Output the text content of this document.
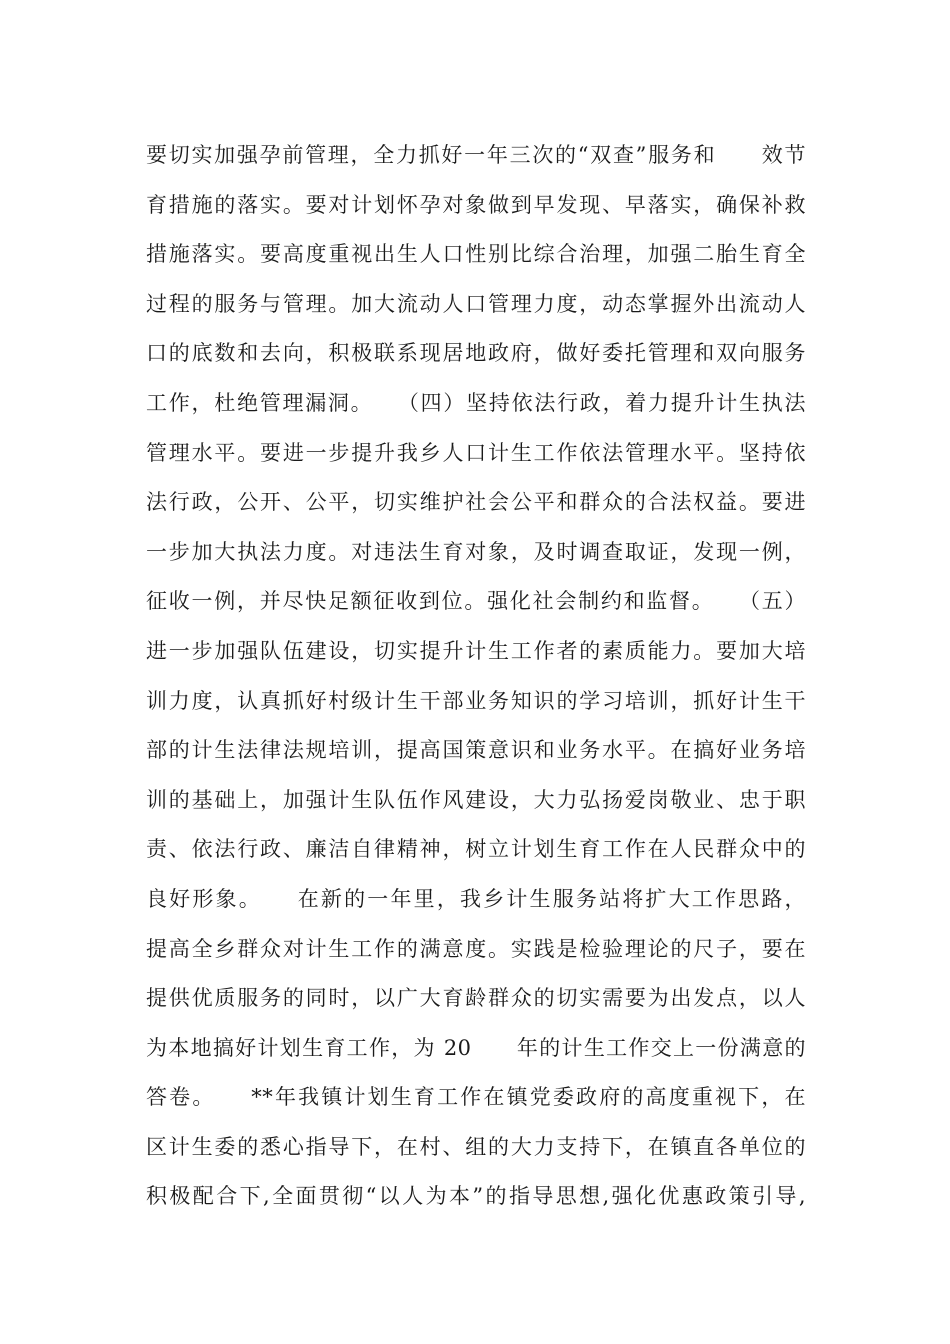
要切实加强孕前管理，全力抓好一年三次的“双查”服务和　　效节
育措施的落实。要对计划怀孕对象做到早发现、早落实，确保补救
措施落实。要高度重视出生人口性别比综合治理，加强二胎生育全
过程的服务与管理。加大流动人口管理力度，动态掌握外出流动人
口的底数和去向，积极联系现居地政府，做好委托管理和双向服务
工作，杜绝管理漏洞。　　（四）坚持依法行政，着力提升计生执法
管理水平。要进一步提升我乡人口计生工作依法管理水平。坚持依
法行政，公开、公平，切实维护社会公平和群众的合法权益。要进
一步加大执法力度。对违法生育对象，及时调查取证，发现一例，
征收一例，并尽快足额征收到位。强化社会制约和监督。　　（五）
进一步加强队伍建设，切实提升计生工作者的素质能力。要加大培
训力度，认真抓好村级计生干部业务知识的学习培训，抓好计生干
部的计生法律法规培训，提高国策意识和业务水平。在搞好业务培
训的基础上，加强计生队伍作风建设，大力弘扬爱岗敬业、忠于职
责、依法行政、廉洁自律精神，树立计划生育工作在人民群众中的
良好形象。　　在新的一年里，我乡计生服务站将扩大工作思路，
提高全乡群众对计生工作的满意度。实践是检验理论的尺子，要在
提供优质服务的同时，以广大育龄群众的切实需要为出发点，以人
为本地搞好计划生育工作，为 20　　年的计生工作交上一份满意的
答卷。　　**年我镇计划生育工作在镇党委政府的高度重视下，在
区计生委的悉心指导下，在村、组的大力支持下，在镇直各单位的
积极配合下,全面贯彻“以人为本”的指导思想,强化优惠政策引导,
